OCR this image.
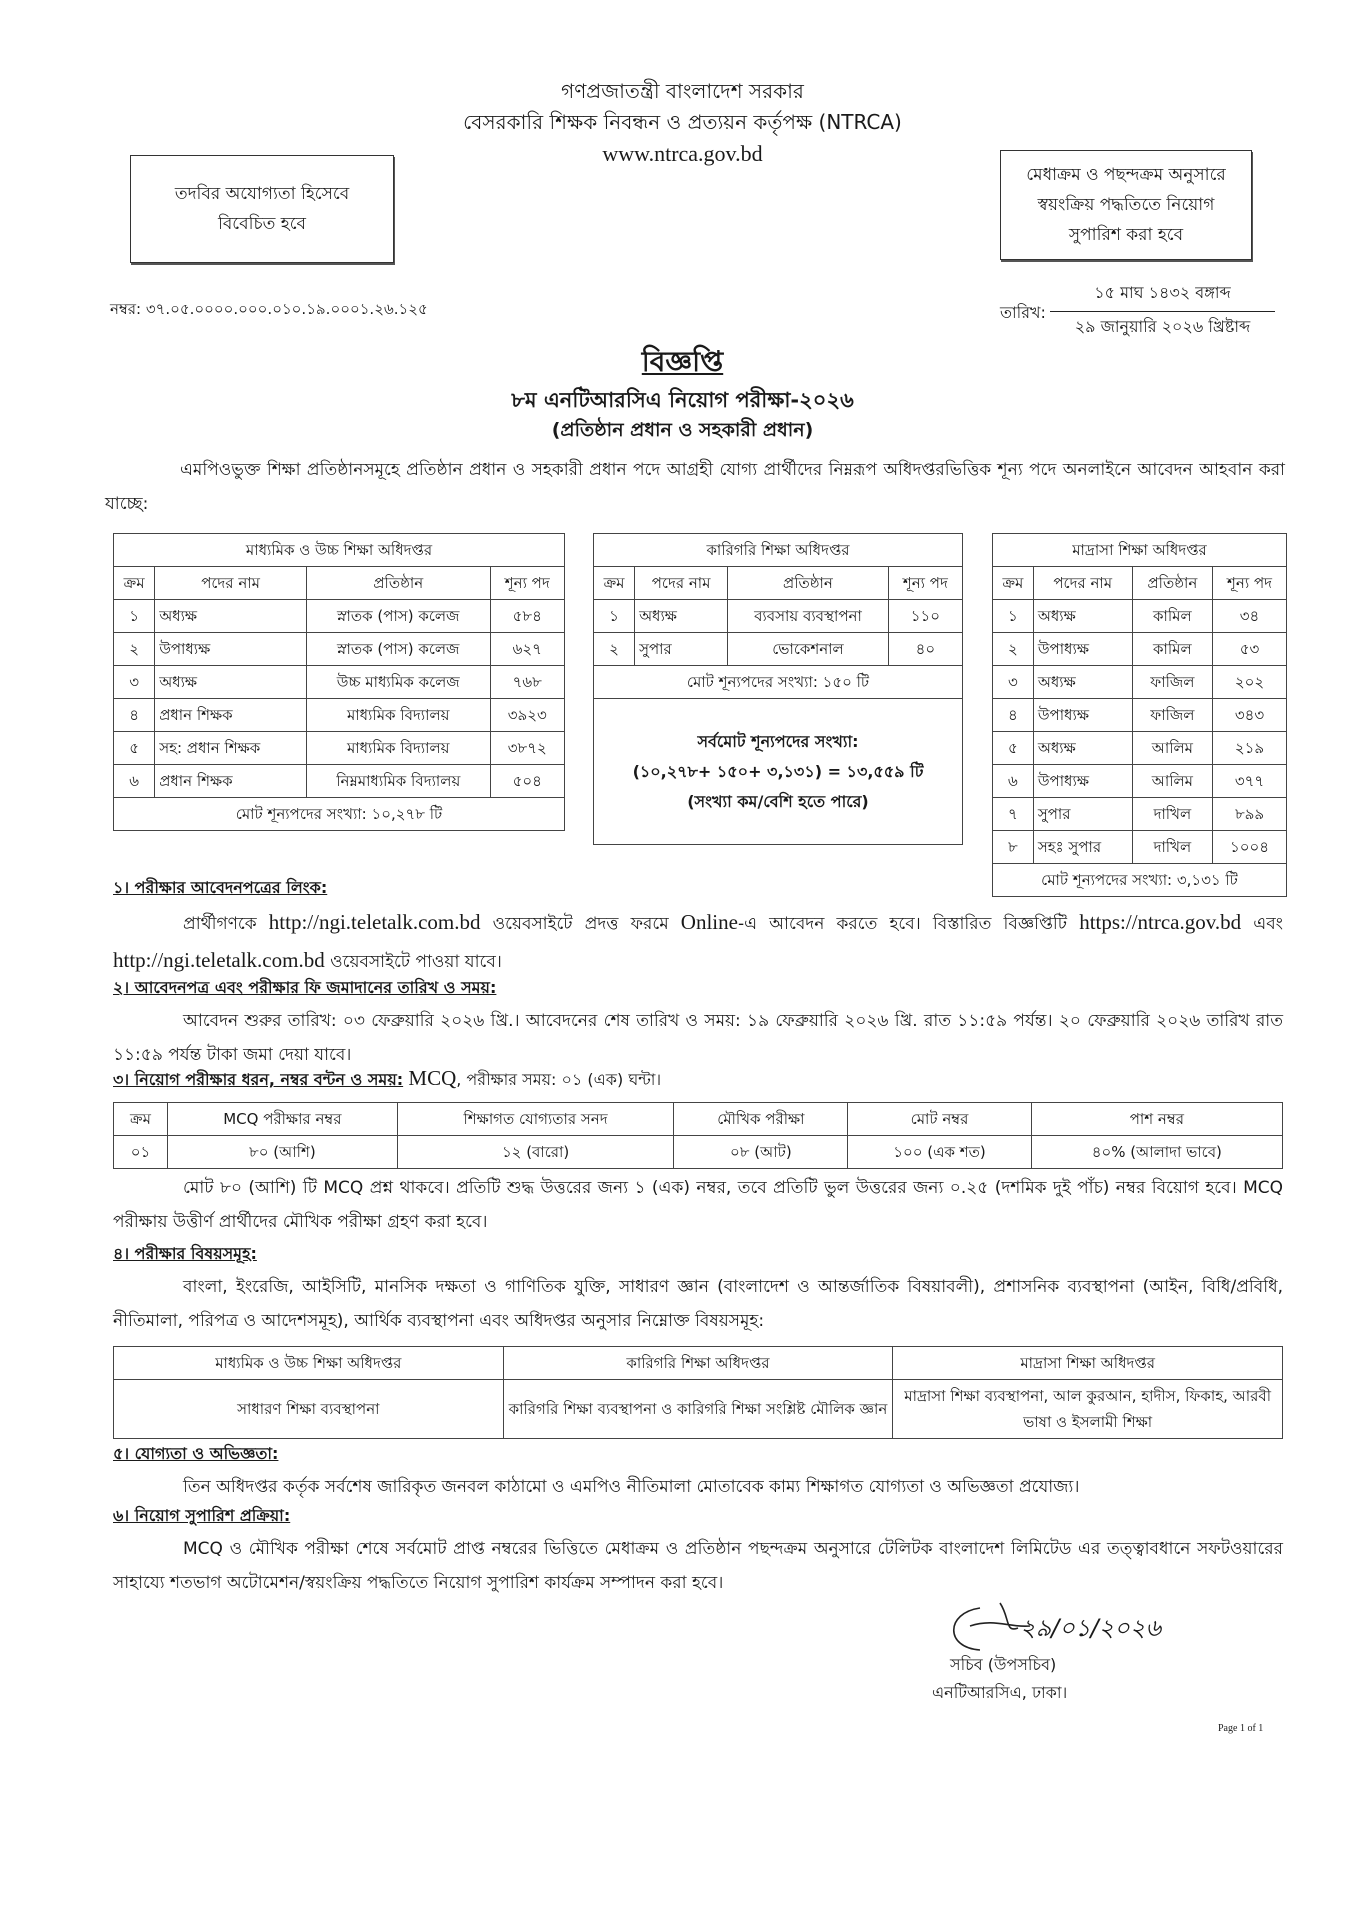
গণপ্রজাতন্ত্রী বাংলাদেশ সরকার
বেসরকারি শিক্ষক নিবন্ধন ও প্রত্যয়ন কর্তৃপক্ষ (NTRCA)
www.ntrca.gov.bd
তদবির অযোগ্যতা হিসেবে
বিবেচিত হবে
মেধাক্রম ও পছন্দক্রম অনুসারে
স্বয়ংক্রিয় পদ্ধতিতে নিয়োগ
সুপারিশ করা হবে
নম্বর: ৩৭.০৫.০০০০.০০০.০১০.১৯.০০০১.২৬.১২৫	তারিখ:
১৫ মাঘ ১৪৩২ বঙ্গাব্দ
২৯ জানুয়ারি ২০২৬ খ্রিষ্টাব্দ
বিজ্ঞপ্তি
৮ম এনটিআরসিএ নিয়োগ পরীক্ষা-২০২৬
(প্রতিষ্ঠান প্রধান ও সহকারী প্রধান)
এমপিওভুক্ত শিক্ষা প্রতিষ্ঠানসমূহে প্রতিষ্ঠান প্রধান ও সহকারী প্রধান পদে আগ্রহী যোগ্য প্রার্থীদের নিম্নরূপ অধিদপ্তরভিত্তিক শূন্য পদে অনলাইনে আবেদন আহবান করা যাচ্ছে:
মাধ্যমিক ও উচ্চ শিক্ষা অধিদপ্তর			
ক্রম	পদের নাম	প্রতিষ্ঠান	শূন্য পদ
১	অধ্যক্ষ	স্নাতক (পাস) কলেজ	৫৮৪
২	উপাধ্যক্ষ	স্নাতক (পাস) কলেজ	৬২৭
৩	অধ্যক্ষ	উচ্চ মাধ্যমিক কলেজ	৭৬৮
৪	প্রধান শিক্ষক	মাধ্যমিক বিদ্যালয়	৩৯২৩
৫	সহ: প্রধান শিক্ষক	মাধ্যমিক বিদ্যালয়	৩৮৭২
৬	প্রধান শিক্ষক	নিম্নমাধ্যমিক বিদ্যালয়	৫০৪
মোট শূন্যপদের সংখ্যা: ১০,২৭৮ টি			
কারিগরি শিক্ষা অধিদপ্তর			
ক্রম	পদের নাম	প্রতিষ্ঠান	শূন্য পদ
১	অধ্যক্ষ	ব্যবসায় ব্যবস্থাপনা	১১০
২	সুপার	ভোকেশনাল	৪০
মোট শূন্যপদের সংখ্যা: ১৫০ টি			
সর্বমোট শূন্যপদের সংখ্যা:
(১০,২৭৮+ ১৫০+ ৩,১৩১) = ১৩,৫৫৯ টি
(সংখ্যা কম/বেশি হতে পারে)
মাদ্রাসা শিক্ষা অধিদপ্তর			
ক্রম	পদের নাম	প্রতিষ্ঠান	শূন্য পদ
১	অধ্যক্ষ	কামিল	৩৪
২	উপাধ্যক্ষ	কামিল	৫৩
৩	অধ্যক্ষ	ফাজিল	২০২
৪	উপাধ্যক্ষ	ফাজিল	৩৪৩
৫	অধ্যক্ষ	আলিম	২১৯
৬	উপাধ্যক্ষ	আলিম	৩৭৭
৭	সুপার	দাখিল	৮৯৯
৮	সহঃ সুপার	দাখিল	১০০৪
মোট শূন্যপদের সংখ্যা: ৩,১৩১ টি			
১। পরীক্ষার আবেদনপত্রের লিংক:

প্রার্থীগণকে http://ngi.teletalk.com.bd ওয়েবসাইটে প্রদত্ত ফরমে Online-এ আবেদন করতে হবে। বিস্তারিত বিজ্ঞপ্তিটি https://ntrca.gov.bd এবং http://ngi.teletalk.com.bd ওয়েবসাইটে পাওয়া যাবে।

২। আবেদনপত্র এবং পরীক্ষার ফি জমাদানের তারিখ ও সময়:

আবেদন শুরুর তারিখ: ০৩ ফেব্রুয়ারি ২০২৬ খ্রি.। আবেদনের শেষ তারিখ ও সময়: ১৯ ফেব্রুয়ারি ২০২৬ খ্রি. রাত ১১:৫৯ পর্যন্ত। ২০ ফেব্রুয়ারি ২০২৬ তারিখ রাত ১১:৫৯ পর্যন্ত টাকা জমা দেয়া যাবে।

৩। নিয়োগ পরীক্ষার ধরন, নম্বর বন্টন ও সময়: MCQ, পরীক্ষার সময়: ০১ (এক) ঘন্টা।
ক্রম	MCQ পরীক্ষার নম্বর	শিক্ষাগত যোগ্যতার সনদ	মৌখিক পরীক্ষা	মোট নম্বর	পাশ নম্বর
০১	৮০ (আশি)	১২ (বারো)	০৮ (আট)	১০০ (এক শত)	৪০% (আলাদা ভাবে)

মোট ৮০ (আশি) টি MCQ প্রশ্ন থাকবে। প্রতিটি শুদ্ধ উত্তরের জন্য ১ (এক) নম্বর, তবে প্রতিটি ভুল উত্তরের জন্য ০.২৫ (দশমিক দুই পাঁচ) নম্বর বিয়োগ হবে। MCQ পরীক্ষায় উত্তীর্ণ প্রার্থীদের মৌখিক পরীক্ষা গ্রহণ করা হবে।

৪। পরীক্ষার বিষয়সমূহ:

বাংলা, ইংরেজি, আইসিটি, মানসিক দক্ষতা ও গাণিতিক যুক্তি, সাধারণ জ্ঞান (বাংলাদেশ ও আন্তর্জাতিক বিষয়াবলী), প্রশাসনিক ব্যবস্থাপনা (আইন, বিধি/প্রবিধি, নীতিমালা, পরিপত্র ও আদেশসমূহ), আর্থিক ব্যবস্থাপনা এবং অধিদপ্তর অনুসার নিম্নোক্ত বিষয়সমূহ:

মাধ্যমিক ও উচ্চ শিক্ষা অধিদপ্তর	কারিগরি শিক্ষা অধিদপ্তর	মাদ্রাসা শিক্ষা অধিদপ্তর
সাধারণ শিক্ষা ব্যবস্থাপনা	কারিগরি শিক্ষা ব্যবস্থাপনা ও কারিগরি শিক্ষা সংশ্লিষ্ট মৌলিক জ্ঞান	মাদ্রাসা শিক্ষা ব্যবস্থাপনা, আল কুরআন, হাদীস, ফিকাহ, আরবী ভাষা ও ইসলামী শিক্ষা
৫। যোগ্যতা ও অভিজ্ঞতা:

তিন অধিদপ্তর কর্তৃক সর্বশেষ জারিকৃত জনবল কাঠামো ও এমপিও নীতিমালা মোতাবেক কাম্য শিক্ষাগত যোগ্যতা ও অভিজ্ঞতা প্রযোজ্য।

৬। নিয়োগ সুপারিশ প্রক্রিয়া:

MCQ ও মৌখিক পরীক্ষা শেষে সর্বমোট প্রাপ্ত নম্বরের ভিত্তিতে মেধাক্রম ও প্রতিষ্ঠান পছন্দক্রম অনুসারে টেলিটক বাংলাদেশ লিমিটেড এর তত্ত্বাবধানে সফটওয়ারের সাহায্যে শতভাগ অটোমেশন/স্বয়ংক্রিয় পদ্ধতিতে নিয়োগ সুপারিশ কার্যক্রম সম্পাদন করা হবে।

২৯/০১/২০২৬
সচিব (উপসচিব)
এনটিআরসিএ, ঢাকা।
Page 1 of 1
